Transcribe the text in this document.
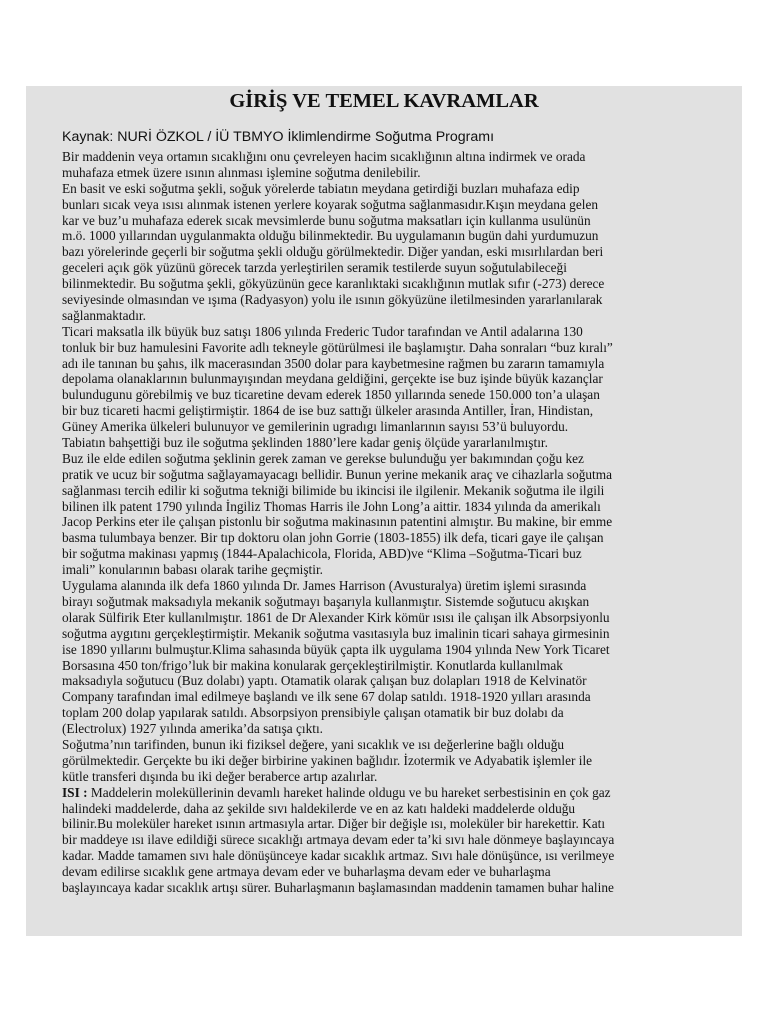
GİRİŞ VE TEMEL KAVRAMLAR
Kaynak: NURİ ÖZKOL / İÜ TBMYO İklimlendirme Soğutma Programı
Bir maddenin veya ortamın sıcaklığını onu çevreleyen hacim sıcaklığının altına indirmek ve orada
muhafaza etmek üzere ısının alınması işlemine soğutma denilebilir.
En basit ve eski soğutma şekli, soğuk yörelerde tabiatın meydana getirdiği buzları muhafaza edip
bunları sıcak veya ısısı alınmak istenen yerlere koyarak soğutma sağlanmasıdır.Kışın meydana gelen
kar ve buz’u muhafaza ederek sıcak mevsimlerde bunu soğutma maksatları için kullanma usulünün
m.ö. 1000 yıllarından uygulanmakta olduğu bilinmektedir. Bu uygulamanın bugün dahi yurdumuzun
bazı yörelerinde geçerli bir soğutma şekli olduğu görülmektedir. Diğer yandan, eski mısırlılardan beri
geceleri açık gök yüzünü görecek tarzda yerleştirilen seramik testilerde suyun soğutulabileceği
bilinmektedir. Bu soğutma şekli, gökyüzünün gece karanlıktaki sıcaklığının mutlak sıfır (-273) derece
seviyesinde olmasından ve ışıma (Radyasyon) yolu ile ısının gökyüzüne iletilmesinden yararlanılarak
sağlanmaktadır.
Ticari maksatla ilk büyük buz satışı 1806 yılında Frederic Tudor tarafından ve Antil adalarına 130
tonluk bir buz hamulesini Favorite adlı tekneyle götürülmesi ile başlamıştır. Daha sonraları “buz kıralı”
adı ile tanınan bu şahıs, ilk macerasından 3500 dolar para kaybetmesine rağmen bu zararın tamamıyla
depolama olanaklarının bulunmayışından meydana geldiğini, gerçekte ise buz işinde büyük kazançlar
bulundugunu görebilmiş ve buz ticaretine devam ederek 1850 yıllarında senede 150.000 ton’a ulaşan
bir buz ticareti hacmi geliştirmiştir. 1864 de ise buz sattığı ülkeler arasında Antiller, İran, Hindistan,
Güney Amerika ülkeleri bulunuyor ve gemilerinin ugradıgı limanlarının sayısı 53’ü buluyordu.
Tabiatın bahşettiği buz ile soğutma şeklinden 1880’lere kadar geniş ölçüde yararlanılmıştır.
Buz ile elde edilen soğutma şeklinin gerek zaman ve gerekse bulunduğu yer bakımından çoğu kez
pratik ve ucuz bir soğutma sağlayamayacagı bellidir. Bunun yerine mekanik araç ve cihazlarla soğutma
sağlanması tercih edilir ki soğutma tekniği bilimide bu ikincisi ile ilgilenir. Mekanik soğutma ile ilgili
bilinen ilk patent 1790 yılında İngiliz Thomas Harris ile John Long’a aittir. 1834 yılında da amerikalı
Jacop Perkins eter ile çalışan pistonlu bir soğutma makinasının patentini almıştır. Bu makine, bir emme
basma tulumbaya benzer. Bir tıp doktoru olan john Gorrie (1803-1855) ilk defa, ticari gaye ile çalışan
bir soğutma makinası yapmış (1844-Apalachicola, Florida, ABD)ve “Klima –Soğutma-Ticari buz
imali” konularının babası olarak tarihe geçmiştir.
Uygulama alanında ilk defa 1860 yılında Dr. James Harrison (Avusturalya) üretim işlemi sırasında
birayı soğutmak maksadıyla mekanik soğutmayı başarıyla kullanmıştır. Sistemde soğutucu akışkan
olarak Sülfirik Eter kullanılmıştır. 1861 de Dr Alexander Kirk kömür ısısı ile çalışan ilk Absorpsiyonlu
soğutma aygıtını gerçekleştirmiştir. Mekanik soğutma vasıtasıyla buz imalinin ticari sahaya girmesinin
ise 1890 yıllarını bulmuştur.Klima sahasında büyük çapta ilk uygulama 1904 yılında New York Ticaret
Borsasına 450 ton/frigo’luk bir makina konularak gerçekleştirilmiştir. Konutlarda kullanılmak
maksadıyla soğutucu (Buz dolabı) yaptı. Otamatik olarak çalışan buz dolapları 1918 de Kelvinatör
Company tarafından imal edilmeye başlandı ve ilk sene 67 dolap satıldı. 1918-1920 yılları arasında
toplam 200 dolap yapılarak satıldı. Absorpsiyon prensibiyle çalışan otamatik bir buz dolabı da
(Electrolux) 1927 yılında amerika’da satışa çıktı.
Soğutma’nın tarifinden, bunun iki fiziksel değere, yani sıcaklık ve ısı değerlerine bağlı olduğu
görülmektedir. Gerçekte bu iki değer birbirine yakinen bağlıdır. İzotermik ve Adyabatik işlemler ile
kütle transferi dışında bu iki değer beraberce artıp azalırlar.
ISI : Maddelerin moleküllerinin devamlı hareket halinde oldugu ve bu hareket serbestisinin en çok gaz
halindeki maddelerde, daha az şekilde sıvı haldekilerde ve en az katı haldeki maddelerde olduğu
bilinir.Bu moleküler hareket ısının artmasıyla artar. Diğer bir değişle ısı, moleküler bir harekettir. Katı
bir maddeye ısı ilave edildiği sürece sıcaklığı artmaya devam eder ta’ki sıvı hale dönmeye başlayıncaya
kadar. Madde tamamen sıvı hale dönüşünceye kadar sıcaklık artmaz. Sıvı hale dönüşünce, ısı verilmeye
devam edilirse sıcaklık gene artmaya devam eder ve buharlaşma devam eder ve buharlaşma
başlayıncaya kadar sıcaklık artışı sürer. Buharlaşmanın başlamasından maddenin tamamen buhar haline
